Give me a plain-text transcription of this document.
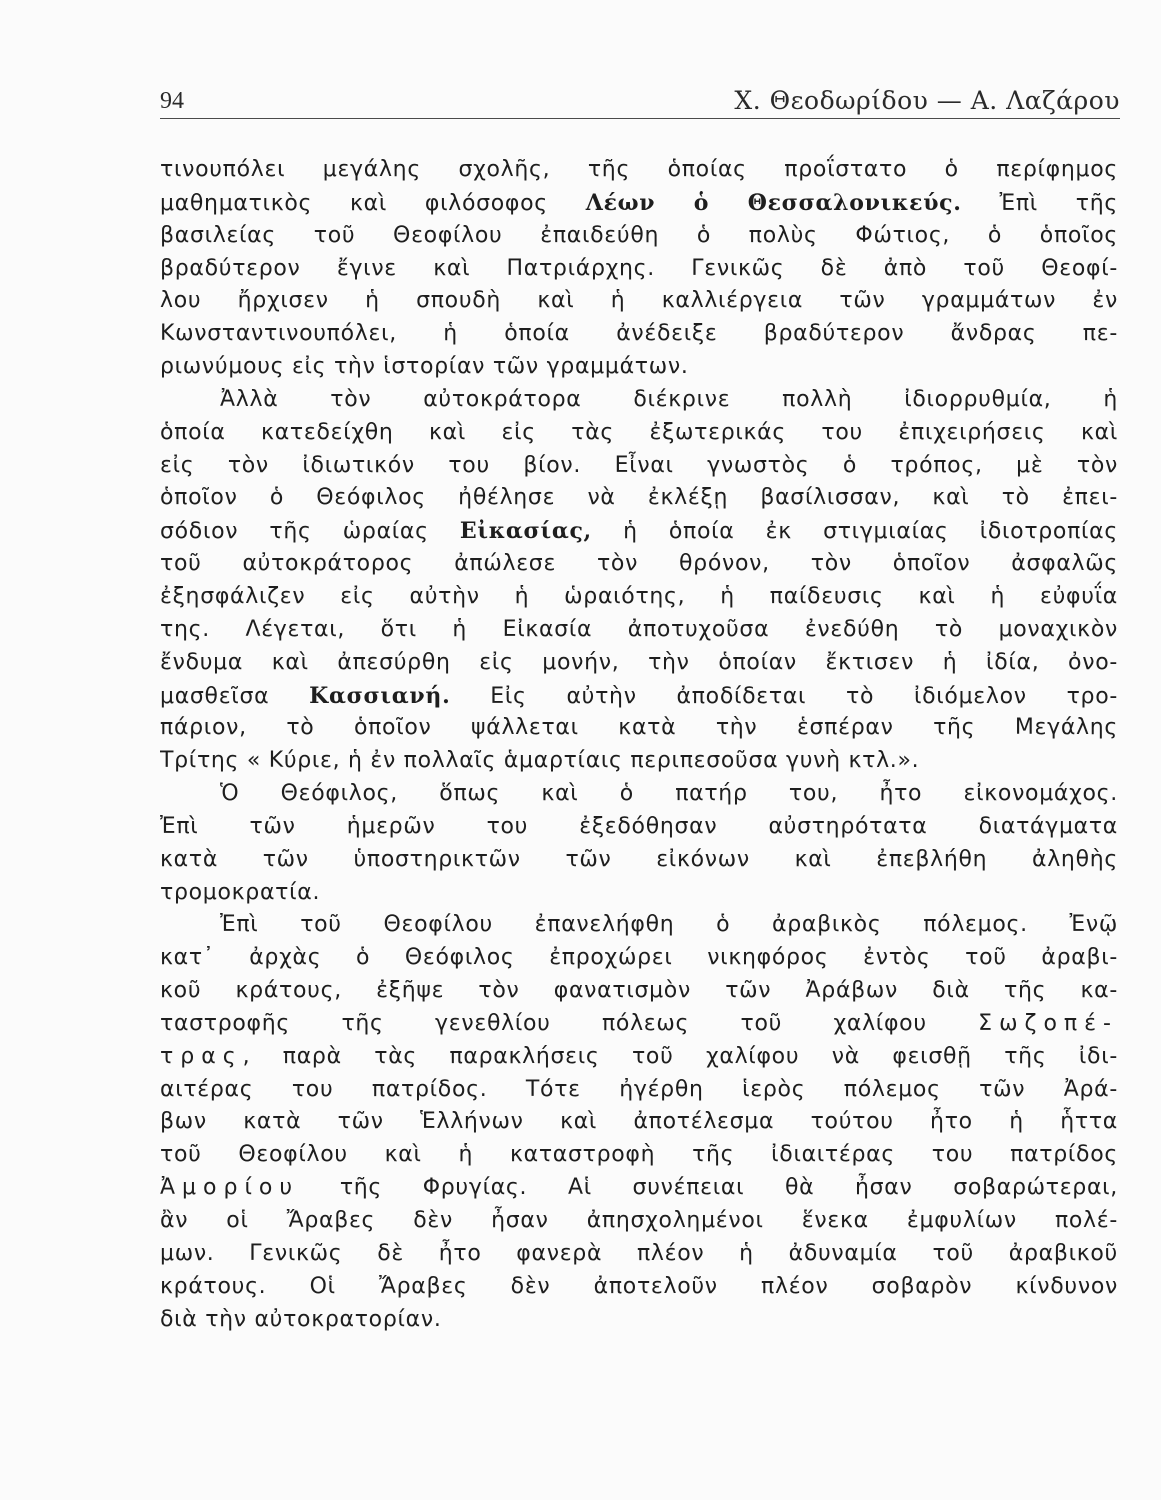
94	Χ. Θεοδωρίδου — Α. Λαζάρου
τινουπόλει μεγάλης σχολῆς, τῆς ὁποίας προΐστατο ὁ περίφημος
μαθηματικὸς καὶ φιλόσοφος Λέων ὁ Θεσσαλονικεύς. Ἐπὶ τῆς
βασιλείας τοῦ Θεοφίλου ἐπαιδεύθη ὁ πολὺς Φώτιος, ὁ ὁποῖος
βραδύτερον ἔγινε καὶ Πατριάρχης. Γενικῶς δὲ ἀπὸ τοῦ Θεοφί-
λου ἤρχισεν ἡ σπουδὴ καὶ ἡ καλλιέργεια τῶν γραμμάτων ἐν
Κωνσταντινουπόλει, ἡ ὁποία ἀνέδειξε βραδύτερον ἄνδρας πε-
ριωνύμους εἰς τὴν ἱστορίαν τῶν γραμμάτων.
Ἀλλὰ τὸν αὐτοκράτορα διέκρινε πολλὴ ἰδιορρυθμία, ἡ
ὁποία κατεδείχθη καὶ εἰς τὰς ἐξωτερικάς του ἐπιχειρήσεις καὶ
εἰς τὸν ἰδιωτικόν του βίον. Εἶναι γνωστὸς ὁ τρόπος, μὲ τὸν
ὁποῖον ὁ Θεόφιλος ἠθέλησε νὰ ἐκλέξῃ βασίλισσαν, καὶ τὸ ἐπει-
σόδιον τῆς ὡραίας Εἰκασίας, ἡ ὁποία ἐκ στιγμιαίας ἰδιοτροπίας
τοῦ αὐτοκράτορος ἀπώλεσε τὸν θρόνον, τὸν ὁποῖον ἀσφαλῶς
ἐξησφάλιζεν εἰς αὐτὴν ἡ ὡραιότης, ἡ παίδευσις καὶ ἡ εὐφυΐα
της. Λέγεται, ὅτι ἡ Εἰκασία ἀποτυχοῦσα ἐνεδύθη τὸ μοναχικὸν
ἔνδυμα καὶ ἀπεσύρθη εἰς μονήν, τὴν ὁποίαν ἔκτισεν ἡ ἰδία, ὀνο-
μασθεῖσα Κασσιανή. Εἰς αὐτὴν ἀποδίδεται τὸ ἰδιόμελον τρο-
πάριον, τὸ ὁποῖον ψάλλεται κατὰ τὴν ἑσπέραν τῆς Μεγάλης
Τρίτης « Κύριε, ἡ ἐν πολλαῖς ἁμαρτίαις περιπεσοῦσα γυνὴ κτλ.».
Ὁ Θεόφιλος, ὅπως καὶ ὁ πατήρ του, ἦτο εἰκονομάχος.
Ἐπὶ τῶν ἡμερῶν του ἐξεδόθησαν αὐστηρότατα διατάγματα
κατὰ τῶν ὑποστηρικτῶν τῶν εἰκόνων καὶ ἐπεβλήθη ἀληθὴς
τρομοκρατία.
Ἐπὶ τοῦ Θεοφίλου ἐπανελήφθη ὁ ἀραβικὸς πόλεμος. Ἐνῷ
κατ᾽ ἀρχὰς ὁ Θεόφιλος ἐπροχώρει νικηφόρος ἐντὸς τοῦ ἀραβι-
κοῦ κράτους, ἐξῆψε τὸν φανατισμὸν τῶν Ἀράβων διὰ τῆς κα-
ταστροφῆς τῆς γενεθλίου πόλεως τοῦ χαλίφου Σωζοπέ-
τρας, παρὰ τὰς παρακλήσεις τοῦ χαλίφου νὰ φεισθῇ τῆς ἰδι-
αιτέρας του πατρίδος. Τότε ἠγέρθη ἱερὸς πόλεμος τῶν Ἀρά-
βων κατὰ τῶν Ἑλλήνων καὶ ἀποτέλεσμα τούτου ἦτο ἡ ἧττα
τοῦ Θεοφίλου καὶ ἡ καταστροφὴ τῆς ἰδιαιτέρας του πατρίδος
Ἀμορίου τῆς Φρυγίας. Αἱ συνέπειαι θὰ ἦσαν σοβαρώτεραι,
ἂν οἱ Ἄραβες δὲν ἦσαν ἀπησχολημένοι ἕνεκα ἐμφυλίων πολέ-
μων. Γενικῶς δὲ ἦτο φανερὰ πλέον ἡ ἀδυναμία τοῦ ἀραβικοῦ
κράτους. Οἱ Ἄραβες δὲν ἀποτελοῦν πλέον σοβαρὸν κίνδυνον
διὰ τὴν αὐτοκρατορίαν.
